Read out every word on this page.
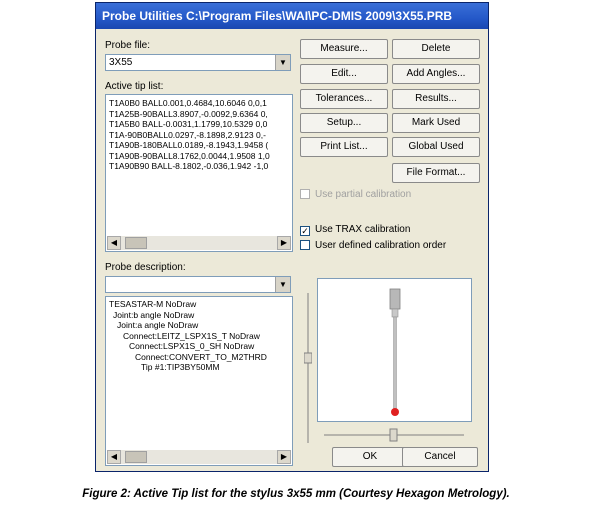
Probe Utilities C:\Program Files\WAI\PC-DMIS 2009\3X55.PRB
Probe file:
3X55	▼
Active tip list:
T1A0B0 BALL0.001,0.4684,10.6046 0,0,1
T1A25B-90BALL3.8907,-0.0092,9.6364 0,
T1A5B0 BALL-0.0031,1.1799,10.5329 0,0
T1A-90B0BALL0.0297,-8.1898,2.9123 0,-
T1A90B-180BALL0.0189,-8.1943,1.9458 (
T1A90B-90BALL8.1762,0.0044,1.9508 1,0
T1A90B90 BALL-8.1802,-0.036,1.942 -1,0
◀	▶
Probe description:
▼
TESASTAR-M NoDraw
Joint:b angle NoDraw
Joint:a angle NoDraw
Connect:LEITZ_LSPX1S_T NoDraw
Connect:LSPX1S_0_SH NoDraw
Connect:CONVERT_TO_M2THRD
Tip #1:TIP3BY50MM
◀	▶
Measure...	Delete
Edit...	Add Angles...
Tolerances...	Results...
Setup...	Mark Used
Print List...	Global Used
File Format...
Use partial calibration
✓ Use TRAX calibration
User defined calibration order
OK	Cancel
Figure 2: Active Tip list for the stylus 3x55 mm (Courtesy Hexagon Metrology).
